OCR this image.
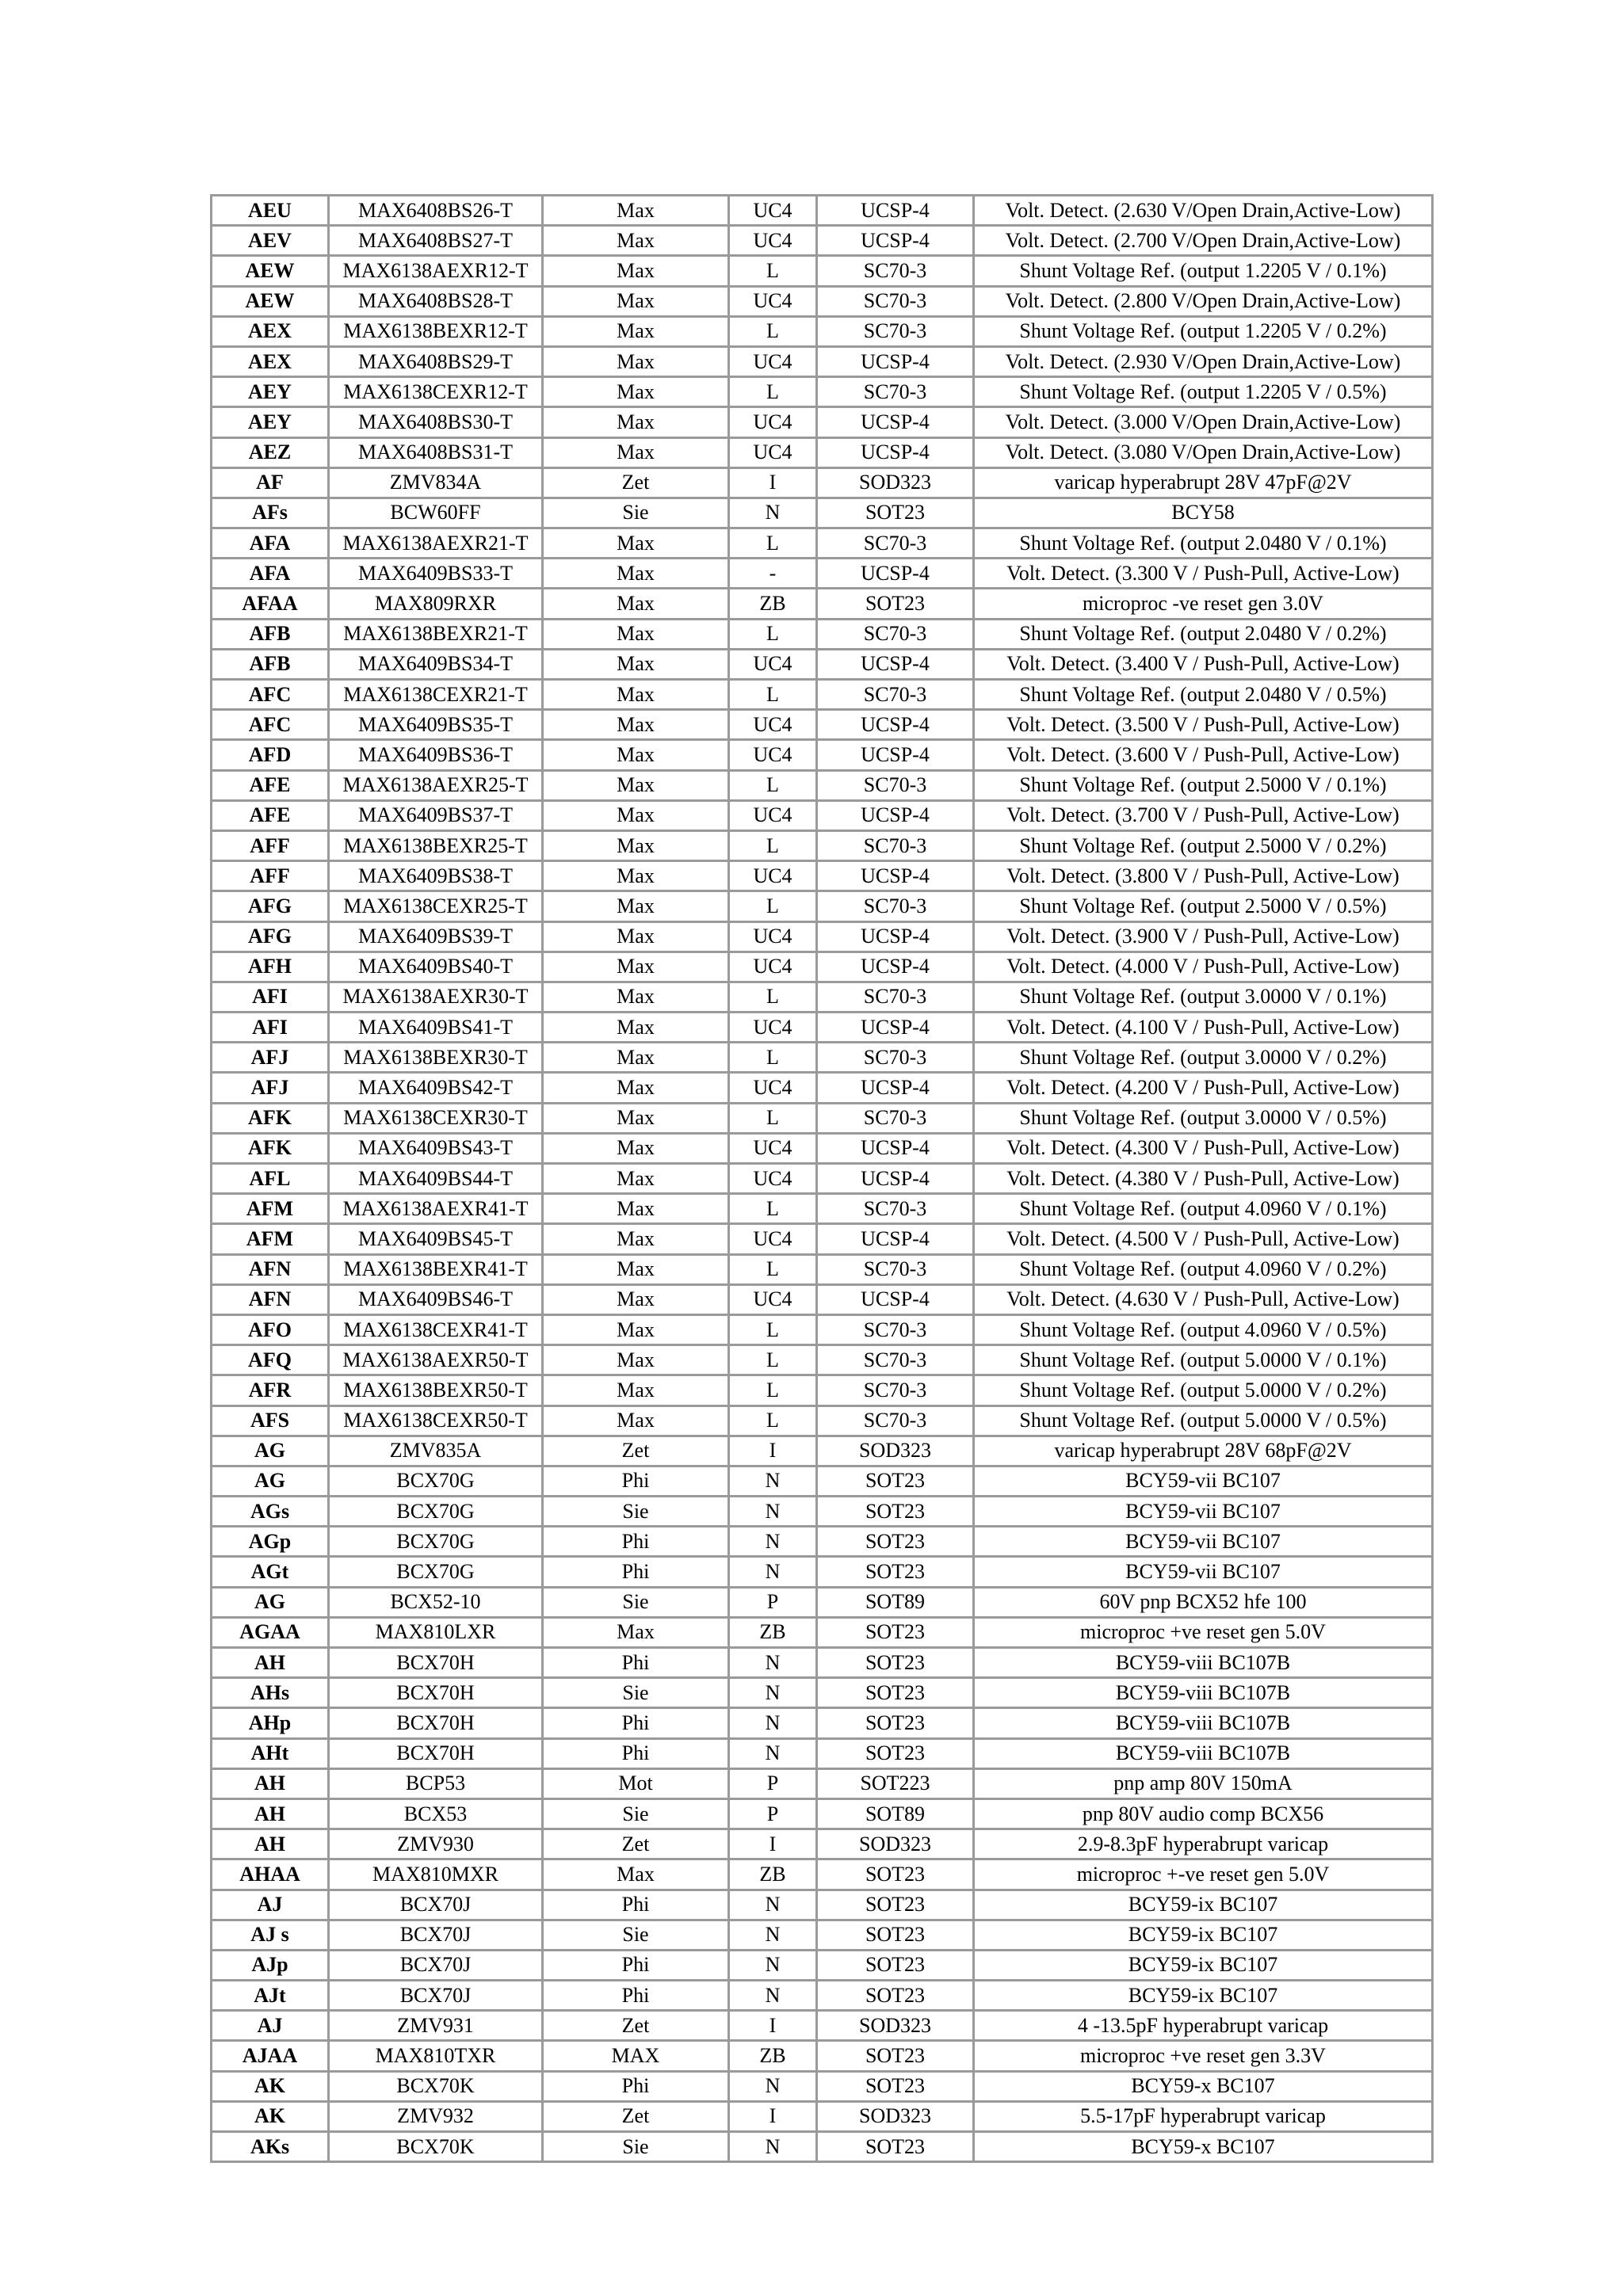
AEU	MAX6408BS26-T	Max	UC4	UCSP-4	Volt. Detect. (2.630 V/Open Drain,Active-Low)
AEV	MAX6408BS27-T	Max	UC4	UCSP-4	Volt. Detect. (2.700 V/Open Drain,Active-Low)
AEW	MAX6138AEXR12-T	Max	L	SC70-3	Shunt Voltage Ref. (output 1.2205 V / 0.1%)
AEW	MAX6408BS28-T	Max	UC4	SC70-3	Volt. Detect. (2.800 V/Open Drain,Active-Low)
AEX	MAX6138BEXR12-T	Max	L	SC70-3	Shunt Voltage Ref. (output 1.2205 V / 0.2%)
AEX	MAX6408BS29-T	Max	UC4	UCSP-4	Volt. Detect. (2.930 V/Open Drain,Active-Low)
AEY	MAX6138CEXR12-T	Max	L	SC70-3	Shunt Voltage Ref. (output 1.2205 V / 0.5%)
AEY	MAX6408BS30-T	Max	UC4	UCSP-4	Volt. Detect. (3.000 V/Open Drain,Active-Low)
AEZ	MAX6408BS31-T	Max	UC4	UCSP-4	Volt. Detect. (3.080 V/Open Drain,Active-Low)
AF	ZMV834A	Zet	I	SOD323	varicap hyperabrupt 28V 47pF@2V
AFs	BCW60FF	Sie	N	SOT23	BCY58
AFA	MAX6138AEXR21-T	Max	L	SC70-3	Shunt Voltage Ref. (output 2.0480 V / 0.1%)
AFA	MAX6409BS33-T	Max	-	UCSP-4	Volt. Detect. (3.300 V / Push-Pull, Active-Low)
AFAA	MAX809RXR	Max	ZB	SOT23	microproc -ve reset gen 3.0V
AFB	MAX6138BEXR21-T	Max	L	SC70-3	Shunt Voltage Ref. (output 2.0480 V / 0.2%)
AFB	MAX6409BS34-T	Max	UC4	UCSP-4	Volt. Detect. (3.400 V / Push-Pull, Active-Low)
AFC	MAX6138CEXR21-T	Max	L	SC70-3	Shunt Voltage Ref. (output 2.0480 V / 0.5%)
AFC	MAX6409BS35-T	Max	UC4	UCSP-4	Volt. Detect. (3.500 V / Push-Pull, Active-Low)
AFD	MAX6409BS36-T	Max	UC4	UCSP-4	Volt. Detect. (3.600 V / Push-Pull, Active-Low)
AFE	MAX6138AEXR25-T	Max	L	SC70-3	Shunt Voltage Ref. (output 2.5000 V / 0.1%)
AFE	MAX6409BS37-T	Max	UC4	UCSP-4	Volt. Detect. (3.700 V / Push-Pull, Active-Low)
AFF	MAX6138BEXR25-T	Max	L	SC70-3	Shunt Voltage Ref. (output 2.5000 V / 0.2%)
AFF	MAX6409BS38-T	Max	UC4	UCSP-4	Volt. Detect. (3.800 V / Push-Pull, Active-Low)
AFG	MAX6138CEXR25-T	Max	L	SC70-3	Shunt Voltage Ref. (output 2.5000 V / 0.5%)
AFG	MAX6409BS39-T	Max	UC4	UCSP-4	Volt. Detect. (3.900 V / Push-Pull, Active-Low)
AFH	MAX6409BS40-T	Max	UC4	UCSP-4	Volt. Detect. (4.000 V / Push-Pull, Active-Low)
AFI	MAX6138AEXR30-T	Max	L	SC70-3	Shunt Voltage Ref. (output 3.0000 V / 0.1%)
AFI	MAX6409BS41-T	Max	UC4	UCSP-4	Volt. Detect. (4.100 V / Push-Pull, Active-Low)
AFJ	MAX6138BEXR30-T	Max	L	SC70-3	Shunt Voltage Ref. (output 3.0000 V / 0.2%)
AFJ	MAX6409BS42-T	Max	UC4	UCSP-4	Volt. Detect. (4.200 V / Push-Pull, Active-Low)
AFK	MAX6138CEXR30-T	Max	L	SC70-3	Shunt Voltage Ref. (output 3.0000 V / 0.5%)
AFK	MAX6409BS43-T	Max	UC4	UCSP-4	Volt. Detect. (4.300 V / Push-Pull, Active-Low)
AFL	MAX6409BS44-T	Max	UC4	UCSP-4	Volt. Detect. (4.380 V / Push-Pull, Active-Low)
AFM	MAX6138AEXR41-T	Max	L	SC70-3	Shunt Voltage Ref. (output 4.0960 V / 0.1%)
AFM	MAX6409BS45-T	Max	UC4	UCSP-4	Volt. Detect. (4.500 V / Push-Pull, Active-Low)
AFN	MAX6138BEXR41-T	Max	L	SC70-3	Shunt Voltage Ref. (output 4.0960 V / 0.2%)
AFN	MAX6409BS46-T	Max	UC4	UCSP-4	Volt. Detect. (4.630 V / Push-Pull, Active-Low)
AFO	MAX6138CEXR41-T	Max	L	SC70-3	Shunt Voltage Ref. (output 4.0960 V / 0.5%)
AFQ	MAX6138AEXR50-T	Max	L	SC70-3	Shunt Voltage Ref. (output 5.0000 V / 0.1%)
AFR	MAX6138BEXR50-T	Max	L	SC70-3	Shunt Voltage Ref. (output 5.0000 V / 0.2%)
AFS	MAX6138CEXR50-T	Max	L	SC70-3	Shunt Voltage Ref. (output 5.0000 V / 0.5%)
AG	ZMV835A	Zet	I	SOD323	varicap hyperabrupt 28V 68pF@2V
AG	BCX70G	Phi	N	SOT23	BCY59-vii BC107
AGs	BCX70G	Sie	N	SOT23	BCY59-vii BC107
AGp	BCX70G	Phi	N	SOT23	BCY59-vii BC107
AGt	BCX70G	Phi	N	SOT23	BCY59-vii BC107
AG	BCX52-10	Sie	P	SOT89	60V pnp BCX52 hfe 100
AGAA	MAX810LXR	Max	ZB	SOT23	microproc +ve reset gen 5.0V
AH	BCX70H	Phi	N	SOT23	BCY59-viii BC107B
AHs	BCX70H	Sie	N	SOT23	BCY59-viii BC107B
AHp	BCX70H	Phi	N	SOT23	BCY59-viii BC107B
AHt	BCX70H	Phi	N	SOT23	BCY59-viii BC107B
AH	BCP53	Mot	P	SOT223	pnp amp 80V 150mA
AH	BCX53	Sie	P	SOT89	pnp 80V audio comp BCX56
AH	ZMV930	Zet	I	SOD323	2.9-8.3pF hyperabrupt varicap
AHAA	MAX810MXR	Max	ZB	SOT23	microproc +-ve reset gen 5.0V
AJ	BCX70J	Phi	N	SOT23	BCY59-ix BC107
AJ s	BCX70J	Sie	N	SOT23	BCY59-ix BC107
AJp	BCX70J	Phi	N	SOT23	BCY59-ix BC107
AJt	BCX70J	Phi	N	SOT23	BCY59-ix BC107
AJ	ZMV931	Zet	I	SOD323	4 -13.5pF hyperabrupt varicap
AJAA	MAX810TXR	MAX	ZB	SOT23	microproc +ve reset gen 3.3V
AK	BCX70K	Phi	N	SOT23	BCY59-x BC107
AK	ZMV932	Zet	I	SOD323	5.5-17pF hyperabrupt varicap
AKs	BCX70K	Sie	N	SOT23	BCY59-x BC107
